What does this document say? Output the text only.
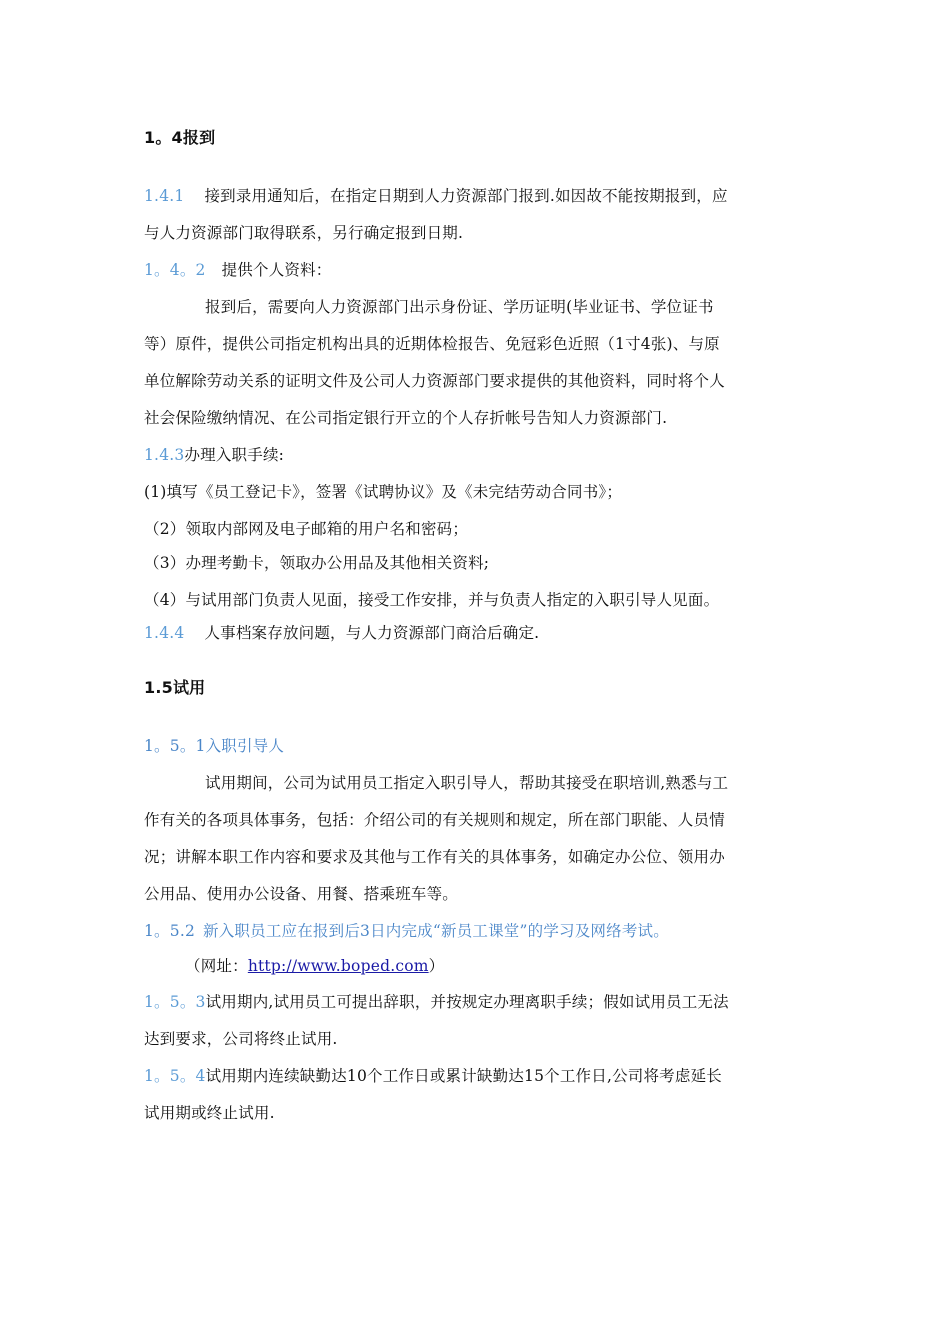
1。4报到
1.4.1 接到录用通知后，在指定日期到人力资源部门报到.如因故不能按期报到，应
与人力资源部门取得联系，另行确定报到日期.
1。4。2 提供个人资料：
报到后，需要向人力资源部门出示身份证、学历证明(毕业证书、学位证书
等）原件，提供公司指定机构出具的近期体检报告、免冠彩色近照（1寸4张)、与原
单位解除劳动关系的证明文件及公司人力资源部门要求提供的其他资料，同时将个人
社会保险缴纳情况、在公司指定银行开立的个人存折帐号告知人力资源部门.
1.4.3办理入职手续:
(1)填写《员工登记卡》，签署《试聘协议》及《未完结劳动合同书》；
（2）领取内部网及电子邮箱的用户名和密码；
（3）办理考勤卡，领取办公用品及其他相关资料;
（4）与试用部门负责人见面，接受工作安排，并与负责人指定的入职引导人见面。
1.4.4 人事档案存放问题，与人力资源部门商洽后确定.
1.5试用
1。5。1入职引导人
试用期间，公司为试用员工指定入职引导人，帮助其接受在职培训,熟悉与工
作有关的各项具体事务，包括：介绍公司的有关规则和规定，所在部门职能、人员情
况；讲解本职工作内容和要求及其他与工作有关的具体事务，如确定办公位、领用办
公用品、使用办公设备、用餐、搭乘班车等。
1。5.2 新入职员工应在报到后3日内完成“新员工课堂”的学习及网络考试。
（网址：http://www.boped.com）
1。5。3试用期内,试用员工可提出辞职，并按规定办理离职手续；假如试用员工无法
达到要求，公司将终止试用.
1。5。4试用期内连续缺勤达10个工作日或累计缺勤达15个工作日,公司将考虑延长
试用期或终止试用.
